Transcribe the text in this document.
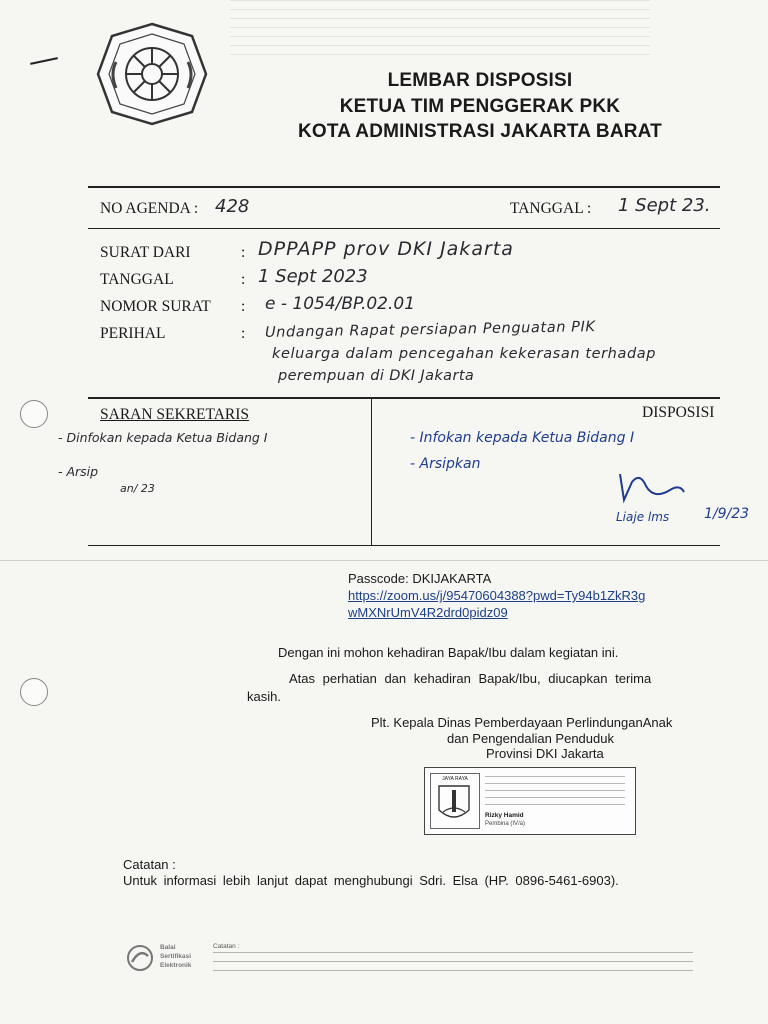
LEMBAR DISPOSISI
KETUA TIM PENGGERAK PKK
KOTA ADMINISTRASI JAKARTA BARAT
NO AGENDA : 428	TANGGAL : 1 Sept 23.
SURAT DARI	: DPPAPP prov DKI Jakarta
TANGGAL	: 1 Sept 2023
NOMOR SURAT : e - 1054/BP.02.01
PERIHAL	: Undangan Rapat persiapan Penguatan PIK
keluarga dalam pencegahan kekerasan terhadap
perempuan di DKI Jakarta
SARAN SEKRETARIS	DISPOSISI
- Dinfokan kepada Ketua Bidang I
- Arsip
an/ 23
- Infokan kepada Ketua Bidang I
- Arsipkan
Liaje lms 1/9/23
Passcode: DKIJAKARTA
https://zoom.us/j/95470604388?pwd=Ty94b1ZkR3g
wMXNrUmV4R2drd0pidz09
Dengan ini mohon kehadiran Bapak/Ibu dalam kegiatan ini.
Atas perhatian dan kehadiran Bapak/Ibu, diucapkan terima
kasih.
Plt. Kepala Dinas Pemberdayaan PerlindunganAnak
dan Pengendalian Penduduk
Provinsi DKI Jakarta
JAYA RAYA
Rizky Hamid
Pembina (IV/a)
Catatan :
Untuk informasi lebih lanjut dapat menghubungi Sdri. Elsa (HP. 0896-5461-6903).
Balai
Sertifikasi
Elektronik
Catatan :
